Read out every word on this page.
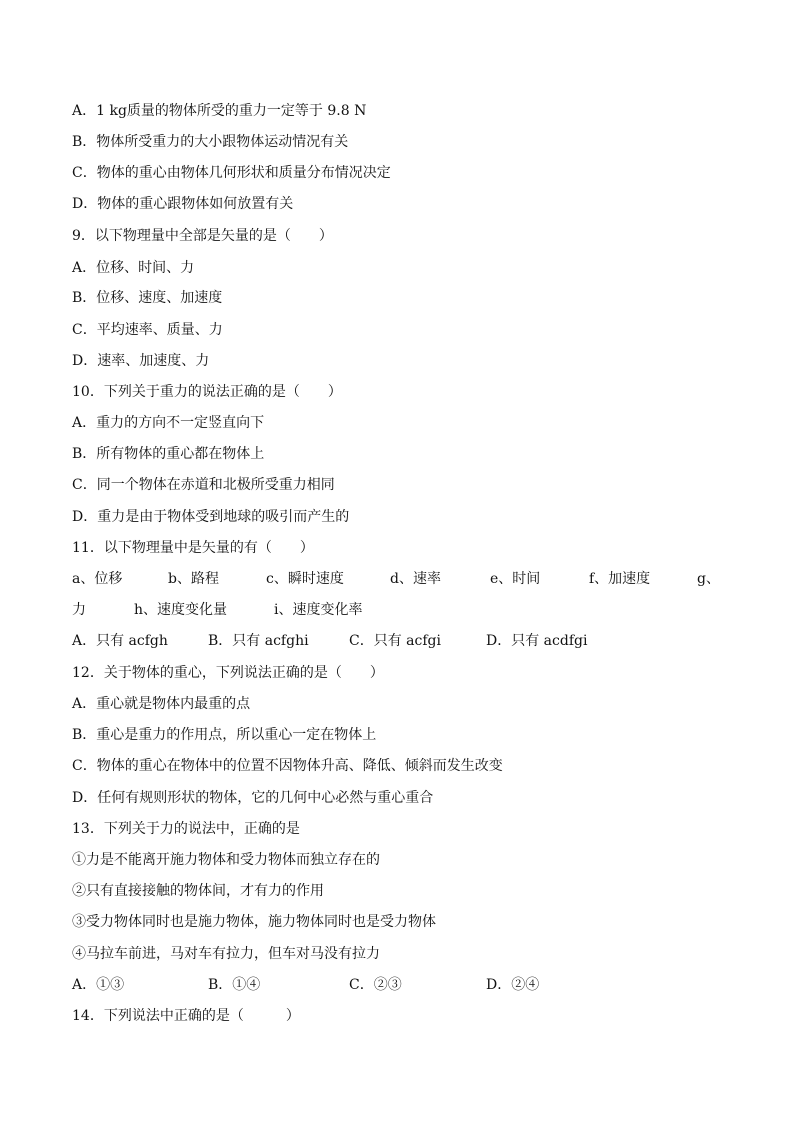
A．1 kg质量的物体所受的重力一定等于 9.8 N
B．物体所受重力的大小跟物体运动情况有关
C．物体的重心由物体几何形状和质量分布情况决定
D．物体的重心跟物体如何放置有关
9．以下物理量中全部是矢量的是（　　）
A．位移、时间、力
B．位移、速度、加速度
C．平均速率、质量、力
D．速率、加速度、力
10．下列关于重力的说法正确的是（　　）
A．重力的方向不一定竖直向下
B．所有物体的重心都在物体上
C．同一个物体在赤道和北极所受重力相同
D．重力是由于物体受到地球的吸引而产生的
11．以下物理量中是矢量的有（　　）
a、位移	b、路程	c、瞬时速度	d、速率	e、时间	f、加速度	g、
力	h、速度变化量	i、速度变化率
A．只有 acfgh	B．只有 acfghi	C．只有 acfgi	D．只有 acdfgi
12．关于物体的重心，下列说法正确的是（　　）
A．重心就是物体内最重的点
B．重心是重力的作用点，所以重心一定在物体上
C．物体的重心在物体中的位置不因物体升高、降低、倾斜而发生改变
D．任何有规则形状的物体，它的几何中心必然与重心重合
13．下列关于力的说法中，正确的是
①力是不能离开施力物体和受力物体而独立存在的
②只有直接接触的物体间，才有力的作用
③受力物体同时也是施力物体，施力物体同时也是受力物体
④马拉车前进，马对车有拉力，但车对马没有拉力
A．①③	B．①④	C．②③	D．②④
14．下列说法中正确的是（　　　）
